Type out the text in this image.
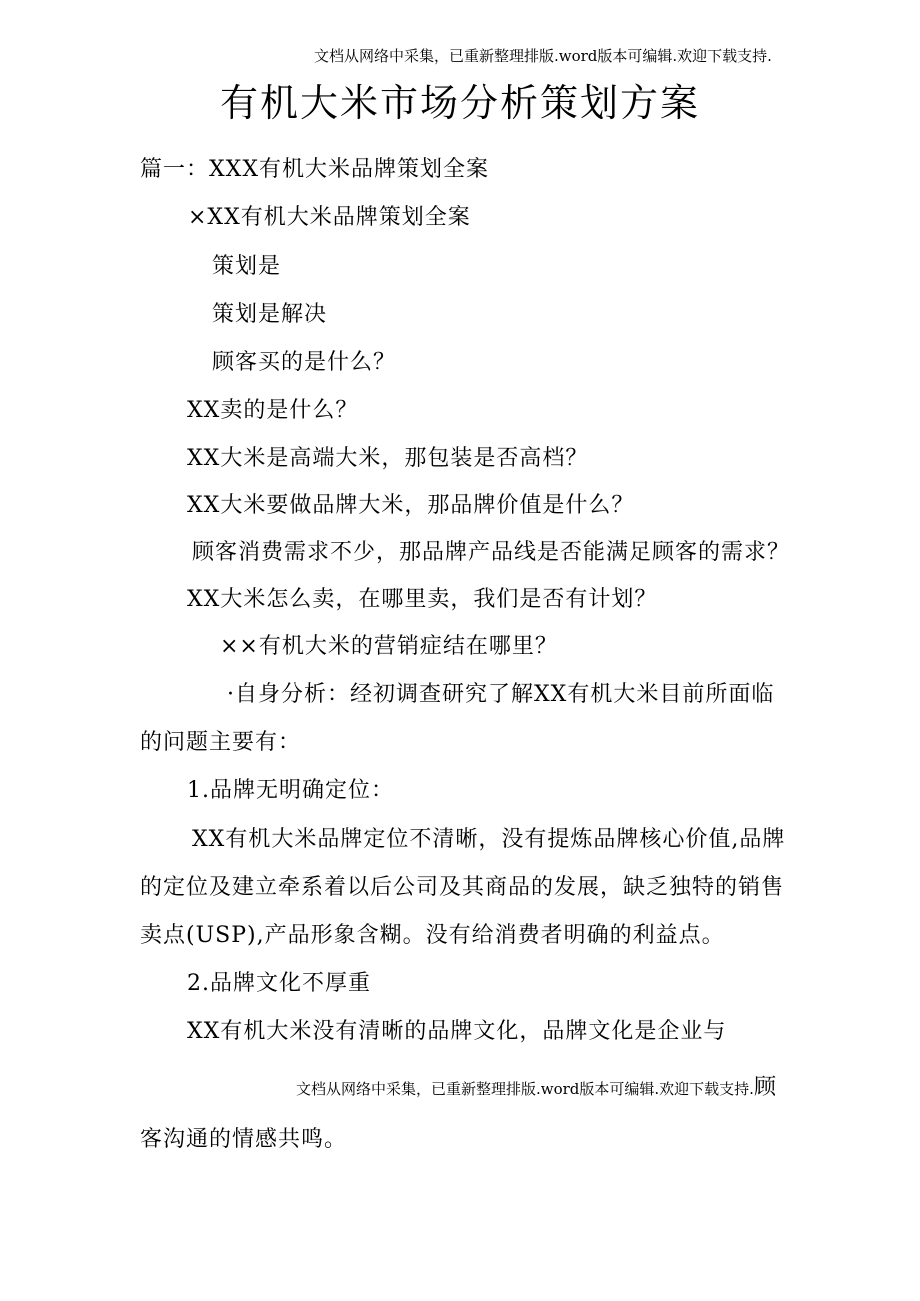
文档从网络中采集，已重新整理排版.word版本可编辑.欢迎下载支持.
有机大米市场分析策划方案
篇一：XXX有机大米品牌策划全案
×XX有机大米品牌策划全案
策划是
策划是解决
顾客买的是什么？
XX卖的是什么？
XX大米是高端大米，那包装是否高档？
XX大米要做品牌大米，那品牌价值是什么？
顾客消费需求不少，那品牌产品线是否能满足顾客的需求？
XX大米怎么卖，在哪里卖，我们是否有计划？
××有机大米的营销症结在哪里？
·自身分析：经初调查研究了解XX有机大米目前所面临
的问题主要有：
1.品牌无明确定位：
XX有机大米品牌定位不清晰，没有提炼品牌核心价值,品牌
的定位及建立牵系着以后公司及其商品的发展，缺乏独特的销售
卖点(USP),产品形象含糊。没有给消费者明确的利益点。
2.品牌文化不厚重
XX有机大米没有清晰的品牌文化，品牌文化是企业与
文档从网络中采集，已重新整理排版.word版本可编辑.欢迎下载支持.顾
客沟通的情感共鸣。
